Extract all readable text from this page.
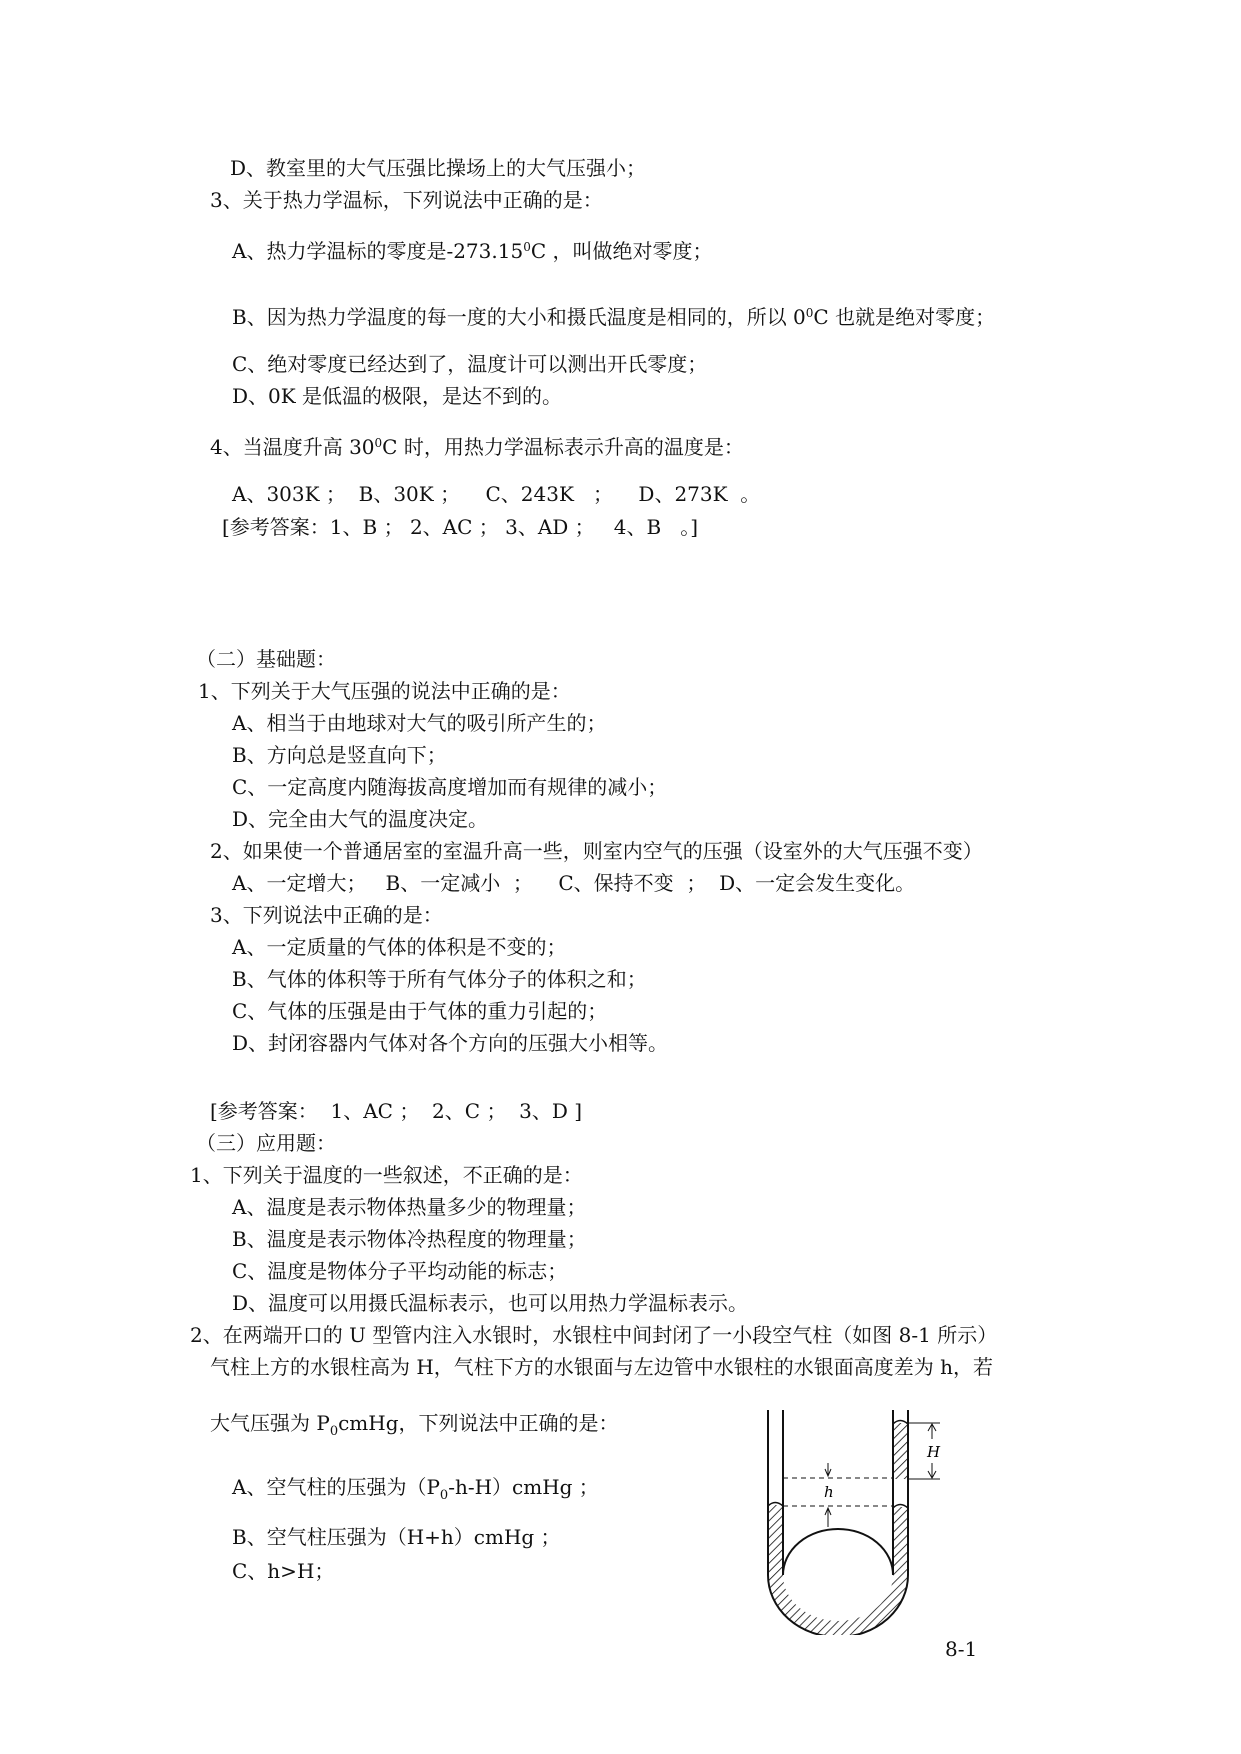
D、教室里的大气压强比操场上的大气压强小；
3、关于热力学温标，下列说法中正确的是：
A、热力学温标的零度是-273.15$^0$C ，叫做绝对零度；
B、因为热力学温度的每一度的大小和摄氏温度是相同的，所以 $0^0C$ 也就是绝对零度；
C、绝对零度已经达到了，温度计可以测出开氏零度；
D、0K 是低温的极限，是达不到的。
4、当温度升高 $30^0C$ 时，用热力学温标表示升高的温度是：
A、303K ；  B、30K ；    C、243K   ；    D、273K  。
[参考答案：1、B ； 2、AC ； 3、AD ；   4、B   。]
（二）基础题：
1、下列关于大气压强的说法中正确的是：
A、相当于由地球对大气的吸引所产生的；
B、方向总是竖直向下；
C、一定高度内随海拔高度增加而有规律的减小；
D、完全由大气的温度决定。
2、如果使一个普通居室的室温升高一些，则室内空气的压强（设室外的大气压强不变）
A、一定增大；   B、一定减小  ；    C、保持不变  ；  D、一定会发生变化。
3、下列说法中正确的是：
A、一定质量的气体的体积是不变的；
B、气体的体积等于所有气体分子的体积之和；
C、气体的压强是由于气体的重力引起的；
D、封闭容器内气体对各个方向的压强大小相等。
[参考答案：  1、AC ；  2、C ；  3、D ]
（三）应用题：
1、下列关于温度的一些叙述，不正确的是：
A、温度是表示物体热量多少的物理量；
B、温度是表示物体冷热程度的物理量；
C、温度是物体分子平均动能的标志；
D、温度可以用摄氏温标表示，也可以用热力学温标表示。
2、在两端开口的 U 型管内注入水银时，水银柱中间封闭了一小段空气柱（如图 8-1 所示）
气柱上方的水银柱高为 H，气柱下方的水银面与左边管中水银柱的水银面高度差为 h，若
大气压强为 $P_0cmHg$，下列说法中正确的是：
A、空气柱的压强为$(P_0-h-H)cmHg$ ；
B、空气柱压强为（H+h）cmHg ；
C、h>H；
H
h
8-1
